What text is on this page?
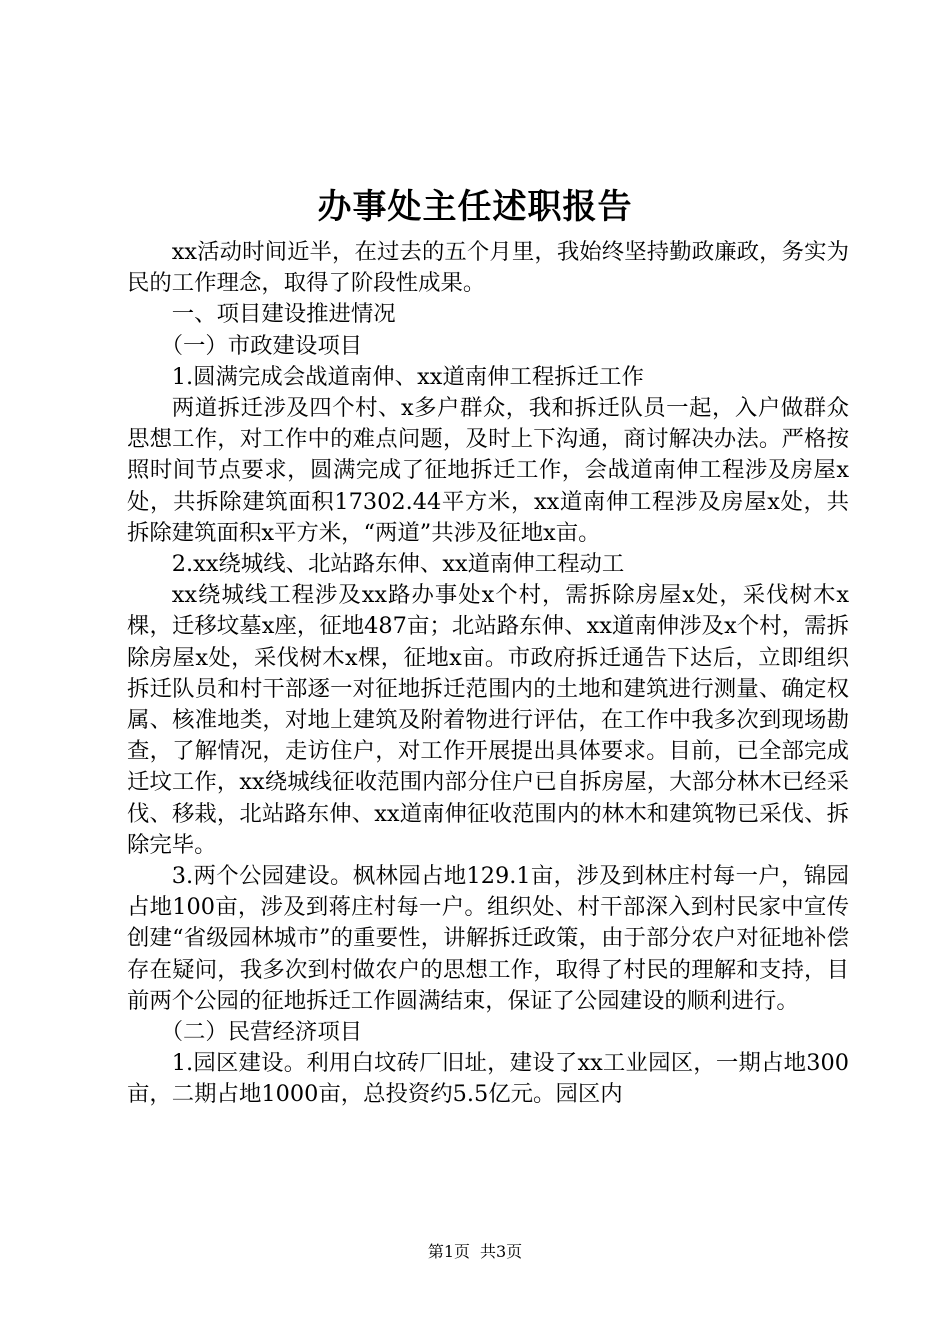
办事处主任述职报告

xx活动时间近半，在过去的五个月里，我始终坚持勤政廉政，务实为民的工作理念，取得了阶段性成果。

一、项目建设推进情况

（一）市政建设项目

1.圆满完成会战道南伸、xx道南伸工程拆迁工作

两道拆迁涉及四个村、x多户群众，我和拆迁队员一起，入户做群众思想工作，对工作中的难点问题，及时上下沟通，商讨解决办法。严格按照时间节点要求，圆满完成了征地拆迁工作，会战道南伸工程涉及房屋x处，共拆除建筑面积17302.44平方米，xx道南伸工程涉及房屋x处，共拆除建筑面积x平方米，“两道”共涉及征地x亩。

2.xx绕城线、北站路东伸、xx道南伸工程动工

xx绕城线工程涉及xx路办事处x个村，需拆除房屋x处，采伐树木x棵，迁移坟墓x座，征地487亩；北站路东伸、xx道南伸涉及x个村，需拆除房屋x处，采伐树木x棵，征地x亩。市政府拆迁通告下达后，立即组织拆迁队员和村干部逐一对征地拆迁范围内的土地和建筑进行测量、确定权属、核准地类，对地上建筑及附着物进行评估，在工作中我多次到现场勘查，了解情况，走访住户，对工作开展提出具体要求。目前，已全部完成迁坟工作，xx绕城线征收范围内部分住户已自拆房屋，大部分林木已经采伐、移栽，北站路东伸、xx道南伸征收范围内的林木和建筑物已采伐、拆除完毕。

3.两个公园建设。枫林园占地129.1亩，涉及到林庄村每一户，锦园占地100亩，涉及到蒋庄村每一户。组织处、村干部深入到村民家中宣传创建“省级园林城市”的重要性，讲解拆迁政策，由于部分农户对征地补偿存在疑问，我多次到村做农户的思想工作，取得了村民的理解和支持，目前两个公园的征地拆迁工作圆满结束，保证了公园建设的顺利进行。

（二）民营经济项目

1.园区建设。利用白坟砖厂旧址，建设了xx工业园区，一期占地300亩，二期占地1000亩，总投资约5.5亿元。园区内

第1页 共3页
